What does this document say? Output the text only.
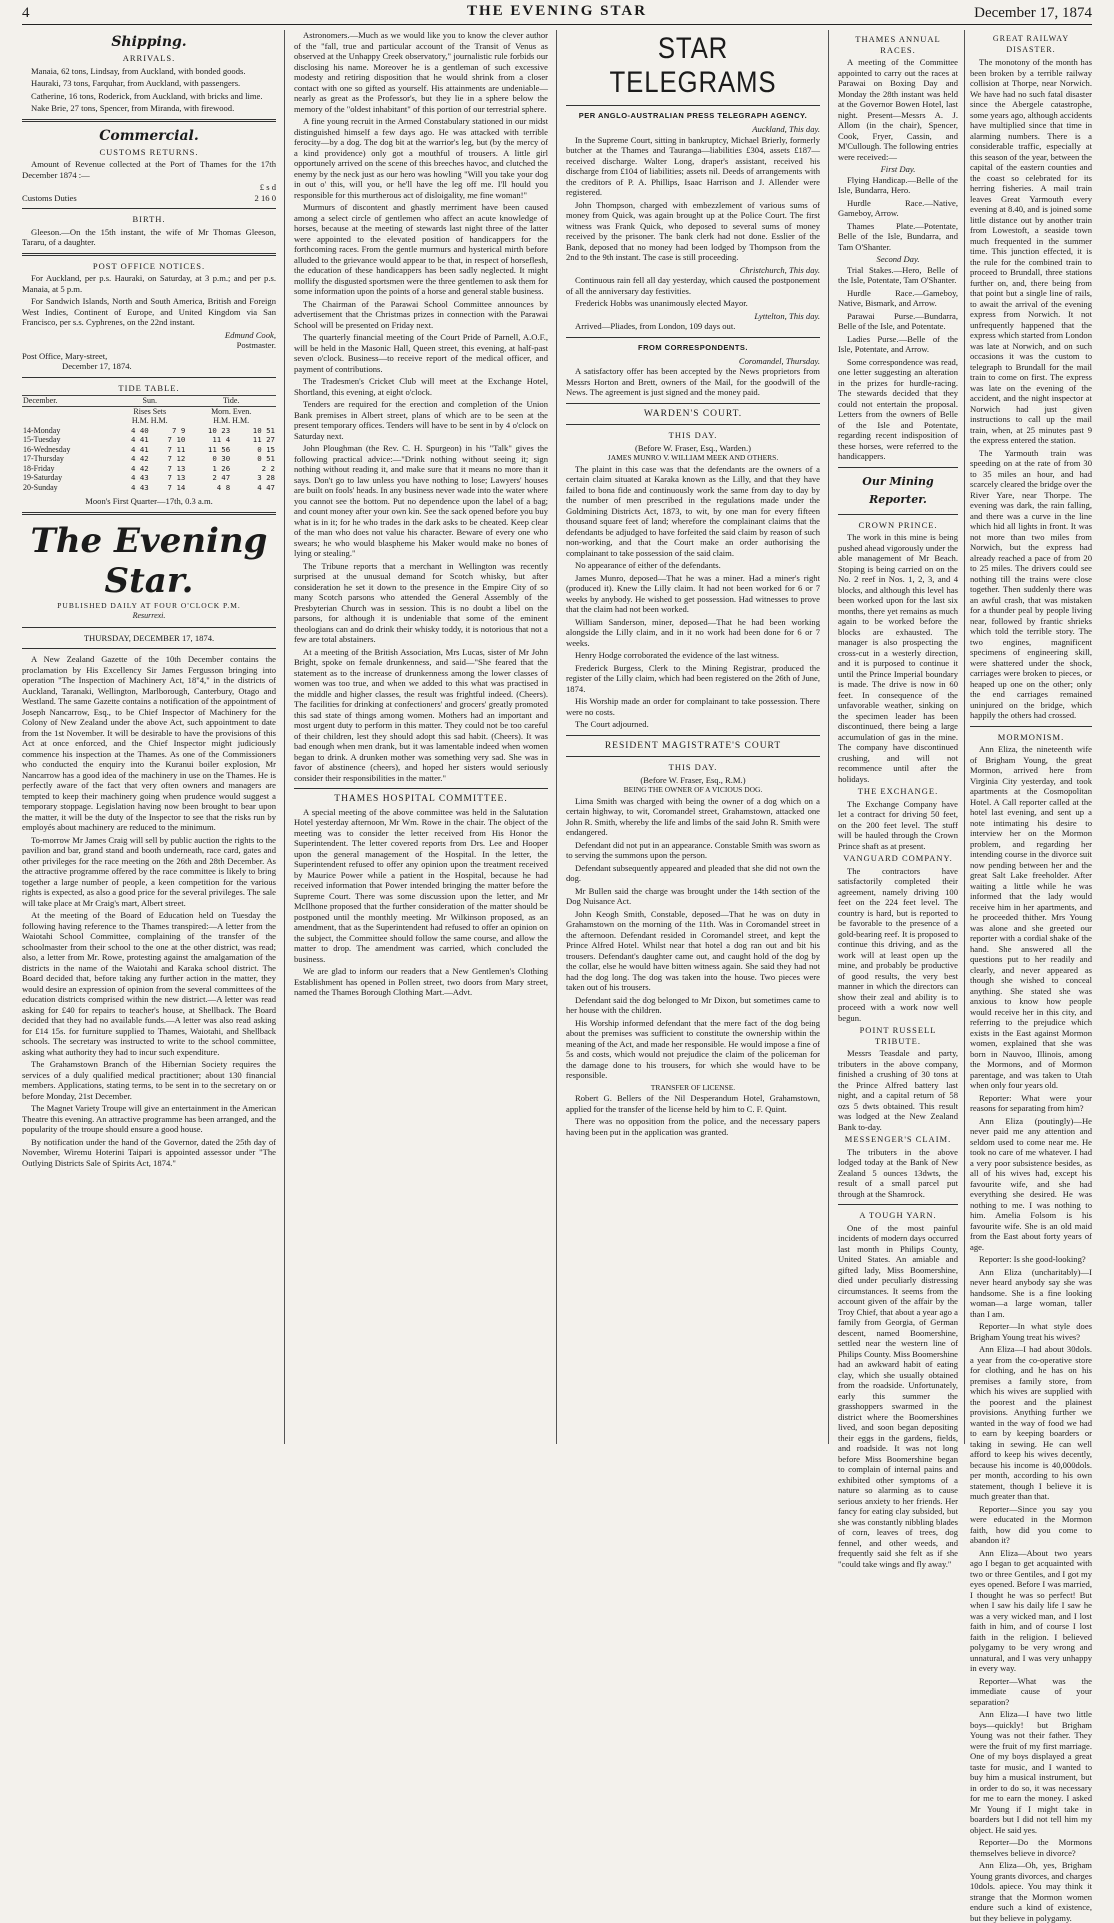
4	THE EVENING STAR	December 17, 1874
Shipping.
ARRIVALS.

Manaia, 62 tons, Lindsay, from Auckland, with bonded goods.

Hauraki, 73 tons, Farquhar, from Auckland, with passengers.

Catherine, 16 tons, Roderick, from Auckland, with bricks and lime.

Nake Brie, 27 tons, Spencer, from Miranda, with firewood.

Commercial.
CUSTOMS RETURNS.

Amount of Revenue collected at the Port of Thames for the 17th December 1874 :—

£ s d
Customs Duties	2 16 0
BIRTH.

Gleeson.—On the 15th instant, the wife of Mr Thomas Gleeson, Tararu, of a daughter.

POST OFFICE NOTICES.

For Auckland, per p.s. Hauraki, on Saturday, at 3 p.m.; and per p.s. Manaia, at 5 p.m.

For Sandwich Islands, North and South America, British and Foreign West Indies, Continent of Europe, and United Kingdom via San Francisco, per s.s. Cyphrenes, on the 22nd instant.

Edmund Cook,
Postmaster.
Post Office, Mary-street,
December 17, 1874.
TIDE TABLE.
December.	Sun.		Tide.	
	Rises Sets		Morn. Even.	
	H.M. H.M.		H.M. H.M.	
14-Monday	4 40	7 9	10 23	10 51
15-Tuesday	4 41	7 10	11 4	11 27
16-Wednesday	4 41	7 11	11 56	0 15
17-Thursday	4 42	7 12	0 30	0 51
18-Friday	4 42	7 13	1 26	2 2
19-Saturday	4 43	7 13	2 47	3 28
20-Sunday	4 43	7 14	4 8	4 47
Moon's First Quarter—17th, 0.3 a.m.
The Evening Star.
PUBLISHED DAILY AT FOUR O'CLOCK P.M.
Resurrexi.
THURSDAY, DECEMBER 17, 1874.

A New Zealand Gazette of the 10th December contains the proclamation by His Excellency Sir James Fergusson bringing into operation "The Inspection of Machinery Act, 18"4," in the districts of Auckland, Taranaki, Wellington, Marlborough, Canterbury, Otago and Westland. The same Gazette contains a notification of the appointment of Joseph Nancarrow, Esq., to be Chief Inspector of Machinery for the Colony of New Zealand under the above Act, such appointment to date from the 1st November. It will be desirable to have the provisions of this Act at once enforced, and the Chief Inspector might judiciously commence his inspection at the Thames. As one of the Commissioners who conducted the enquiry into the Kuranui boiler explosion, Mr Nancarrow has a good idea of the machinery in use on the Thames. He is perfectly aware of the fact that very often owners and managers are tempted to keep their machinery going when prudence would suggest a temporary stoppage. Legislation having now been brought to bear upon the matter, it will be the duty of the Inspector to see that the risks run by employés about machinery are reduced to the minimum.

To-morrow Mr James Craig will sell by public auction the rights to the pavilion and bar, grand stand and booth underneath, race card, gates and other privileges for the race meeting on the 26th and 28th December. As the attractive programme offered by the race committee is likely to bring together a large number of people, a keen competition for the various rights is expected, as also a good price for the several privileges. The sale will take place at Mr Craig's mart, Albert street.

At the meeting of the Board of Education held on Tuesday the following having reference to the Thames transpired:—A letter from the Waiotahi School Committee, complaining of the transfer of the schoolmaster from their school to the one at the other district, was read; also, a letter from Mr. Rowe, protesting against the amalgamation of the districts in the name of the Waiotahi and Karaka school district. The Board decided that, before taking any further action in the matter, they would desire an expression of opinion from the several committees of the education districts comprised within the new district.—A letter was read asking for £40 for repairs to teacher's house, at Shellback. The Board decided that they had no available funds.—A letter was also read asking for £14 15s. for furniture supplied to Thames, Waiotahi, and Shellback schools. The secretary was instructed to write to the school committee, asking what authority they had to incur such expenditure.

The Grahamstown Branch of the Hibernian Society requires the services of a duly qualified medical practitioner; about 130 financial members. Applications, stating terms, to be sent in to the secretary on or before Monday, 21st December.

The Magnet Variety Troupe will give an entertainment in the American Theatre this evening. An attractive programme has been arranged, and the popularity of the troupe should ensure a good house.

By notification under the hand of the Governor, dated the 25th day of November, Wiremu Hoterini Taipari is appointed assessor under "The Outlying Districts Sale of Spirits Act, 1874."

Astronomers.—Much as we would like you to know the clever author of the "fall, true and particular account of the Transit of Venus as observed at the Unhappy Creek observatory," journalistic rule forbids our disclosing his name. Moreover he is a gentleman of such excessive modesty and retiring disposition that he would shrink from a closer contact with one so gifted as yourself. His attainments are undeniable—nearly as great as the Professor's, but they lie in a sphere below the memory of the "oldest inhabitant" of this portion of our terrestrial sphere.

A fine young recruit in the Armed Constabulary stationed in our midst distinguished himself a few days ago. He was attacked with terrible ferocity—by a dog. The dog bit at the warrior's leg, but (by the mercy of a kind providence) only got a mouthful of trousers. A little girl opportunely arrived on the scene of this breeches havoc, and clutched the enemy by the neck just as our hero was howling "Will you take your dog in out o' this, will you, or he'll have the leg off me. I'll hould you responsible for this murtherous act of disloigality, me fine woman!"

Murmurs of discontent and ghastly merriment have been caused among a select circle of gentlemen who affect an acute knowledge of horses, because at the meeting of stewards last night three of the latter were appointed to the elevated position of handicappers for the forthcoming races. From the gentle murmurs and hysterical mirth before alluded to the grievance would appear to be that, in respect of horseflesh, the education of these handicappers has been sadly neglected. It might mollify the disgusted sportsmen were the three gentlemen to ask them for some information upon the points of a horse and general stable business.

The Chairman of the Parawai School Committee announces by advertisement that the Christmas prizes in connection with the Parawai School will be presented on Friday next.

The quarterly financial meeting of the Court Pride of Parnell, A.O.F., will be held in the Masonic Hall, Queen street, this evening, at half-past seven o'clock. Business—to receive report of the medical officer, and payment of contributions.

The Tradesmen's Cricket Club will meet at the Exchange Hotel, Shortland, this evening, at eight o'clock.

Tenders are required for the erection and completion of the Union Bank premises in Albert street, plans of which are to be seen at the present temporary offices. Tenders will have to be sent in by 4 o'clock on Saturday next.

John Ploughman (the Rev. C. H. Spurgeon) in his "Talk" gives the following practical advice:—"Drink nothing without seeing it; sign nothing without reading it, and make sure that it means no more than it says. Don't go to law unless you have nothing to lose; Lawyers' houses are built on fools' heads. In any business never wade into the water where you cannot see the bottom. Put no dependence upon the label of a bag; and count money after your own kin. See the sack opened before you buy what is in it; for he who trades in the dark asks to be cheated. Keep clear of the man who does not value his character. Beware of every one who swears; he who would blaspheme his Maker would make no bones of lying or stealing."

The Tribune reports that a merchant in Wellington was recently surprised at the unusual demand for Scotch whisky, but after consideration he set it down to the presence in the Empire City of so many Scotch parsons who attended the General Assembly of the Presbyterian Church was in session. This is no doubt a libel on the parsons, for although it is undeniable that some of the eminent theologians can and do drink their whisky toddy, it is notorious that not a few are total abstainers.

At a meeting of the British Association, Mrs Lucas, sister of Mr John Bright, spoke on female drunkenness, and said—"She feared that the statement as to the increase of drunkenness among the lower classes of women was too true, and when we added to this what was practised in the middle and higher classes, the result was frightful indeed. (Cheers). The facilities for drinking at confectioners' and grocers' greatly promoted this sad state of things among women. Mothers had an important and most urgent duty to perform in this matter. They could not be too careful of their children, lest they should adopt this sad habit. (Cheers). It was bad enough when men drank, but it was lamentable indeed when women began to drink. A drunken mother was something very sad. She was in favor of abstinence (cheers), and hoped her sisters would seriously consider their responsibilities in the matter."

THAMES HOSPITAL COMMITTEE.

A special meeting of the above committee was held in the Salutation Hotel yesterday afternoon, Mr Wm. Rowe in the chair. The object of the meeting was to consider the letter received from His Honor the Superintendent. The letter covered reports from Drs. Lee and Hooper upon the general management of the Hospital. In the letter, the Superintendent refused to offer any opinion upon the treatment received by Maurice Power while a patient in the Hospital, because he had received information that Power intended bringing the matter before the Supreme Court. There was some discussion upon the letter, and Mr McIlhone proposed that the further consideration of the matter should be postponed until the monthly meeting. Mr Wilkinson proposed, as an amendment, that as the Superintendent had refused to offer an opinion on the subject, the Committee should follow the same course, and allow the matter to drop. The amendment was carried, which concluded the business.

We are glad to inform our readers that a New Gentlemen's Clothing Establishment has opened in Pollen street, two doors from Mary street, named the Thames Borough Clothing Mart.—Advt.

STAR TELEGRAMS
PER ANGLO-AUSTRALIAN PRESS TELEGRAPH AGENCY.
Auckland, This day.

In the Supreme Court, sitting in bankruptcy, Michael Brierly, formerly butcher at the Thames and Tauranga—liabilities £304, assets £187—received discharge. Walter Long, draper's assistant, received his discharge from £104 of liabilities; assets nil. Deeds of arrangements with the creditors of P. A. Phillips, Isaac Harrison and J. Allender were registered.

John Thompson, charged with embezzlement of various sums of money from Quick, was again brought up at the Police Court. The first witness was Frank Quick, who deposed to several sums of money received by the prisoner. The bank clerk had not done. Esslier of the Bank, deposed that no money had been lodged by Thompson from the 2nd to the 9th instant. The case is still proceeding.

Christchurch, This day.

Continuous rain fell all day yesterday, which caused the postponement of all the anniversary day festivities.

Frederick Hobbs was unanimously elected Mayor.

Lyttelton, This day.

Arrived—Pliades, from London, 109 days out.

FROM CORRESPONDENTS.
Coromandel, Thursday.

A satisfactory offer has been accepted by the News proprietors from Messrs Horton and Brett, owners of the Mail, for the goodwill of the News. The agreement is just signed and the money paid.

WARDEN'S COURT.
THIS DAY.
(Before W. Fraser, Esq., Warden.)
JAMES MUNRO V. WILLIAM MEEK AND OTHERS.

The plaint in this case was that the defendants are the owners of a certain claim situated at Karaka known as the Lilly, and that they have failed to bona fide and continuously work the same from day to day by the number of men prescribed in the regulations made under the Goldmining Districts Act, 1873, to wit, by one man for every fifteen thousand square feet of land; wherefore the complainant claims that the defendants be adjudged to have forfeited the said claim by reason of such non-working, and that the Court make an order authorising the complainant to take possession of the said claim.

No appearance of either of the defendants.

James Munro, deposed—That he was a miner. Had a miner's right (produced it). Knew the Lilly claim. It had not been worked for 6 or 7 weeks by anybody. He wished to get possession. Had witnesses to prove that the claim had not been worked.

William Sanderson, miner, deposed—That he had been working alongside the Lilly claim, and in it no work had been done for 6 or 7 weeks.

Henry Hodge corroborated the evidence of the last witness.

Frederick Burgess, Clerk to the Mining Registrar, produced the register of the Lilly claim, which had been registered on the 26th of June, 1874.

His Worship made an order for complainant to take possession. There were no costs.

The Court adjourned.

RESIDENT MAGISTRATE'S COURT
THIS DAY.
(Before W. Fraser, Esq., R.M.)
BEING THE OWNER OF A VICIOUS DOG.

Lima Smith was charged with being the owner of a dog which on a certain highway, to wit, Coromandel street, Grahamstown, attacked one John R. Smith, whereby the life and limbs of the said John R. Smith were endangered.

Defendant did not put in an appearance. Constable Smith was sworn as to serving the summons upon the person.

Defendant subsequently appeared and pleaded that she did not own the dog.

Mr Bullen said the charge was brought under the 14th section of the Dog Nuisance Act.

John Keogh Smith, Constable, deposed—That he was on duty in Grahamstown on the morning of the 11th. Was in Coromandel street in the afternoon. Defendant resided in Coromandel street, and kept the Prince Alfred Hotel. Whilst near that hotel a dog ran out and bit his trousers. Defendant's daughter came out, and caught hold of the dog by the collar, else he would have bitten witness again. She said they had not had the dog long. The dog was taken into the house. Two pieces were taken out of his trousers.

Defendant said the dog belonged to Mr Dixon, but sometimes came to her house with the children.

His Worship informed defendant that the mere fact of the dog being about the premises was sufficient to constitute the ownership within the meaning of the Act, and made her responsible. He would impose a fine of 5s and costs, which would not prejudice the claim of the policeman for the damage done to his trousers, for which she would have to be responsible.

TRANSFER OF LICENSE.

Robert G. Bellers of the Nil Desperandum Hotel, Grahamstown, applied for the transfer of the license held by him to C. F. Quint.

There was no opposition from the police, and the necessary papers having been put in the application was granted.

THAMES ANNUAL RACES.

A meeting of the Committee appointed to carry out the races at Parawai on Boxing Day and Monday the 28th instant was held at the Governor Bowen Hotel, last night. Present—Messrs A. J. Allom (in the chair), Spencer, Cook, Fryer, Cassin, and M'Cullough. The following entries were received:—

First Day.

Flying Handicap.—Belle of the Isle, Bundarra, Hero.

Hurdle Race.—Native, Gameboy, Arrow.

Thames Plate.—Potentate, Belle of the Isle, Bundarra, and Tam O'Shanter.

Second Day.

Trial Stakes.—Hero, Belle of the Isle, Potentate, Tam O'Shanter.

Hurdle Race.—Gameboy, Native, Bismark, and Arrow.

Parawai Purse.—Bundarra, Belle of the Isle, and Potentate.

Ladies Purse.—Belle of the Isle, Potentate, and Arrow.

Some correspondence was read, one letter suggesting an alteration in the prizes for hurdle-racing. The stewards decided that they could not entertain the proposal. Letters from the owners of Belle of the Isle and Potentate, regarding recent indisposition of these horses, were referred to the handicappers.

Our Mining Reporter.
CROWN PRINCE.

The work in this mine is being pushed ahead vigorously under the able management of Mr Beach. Stoping is being carried on on the No. 2 reef in Nos. 1, 2, 3, and 4 blocks, and although this level has been worked upon for the last six months, there yet remains as much again to be worked before the blocks are exhausted. The manager is also prospecting the cross-cut in a westerly direction, and it is purposed to continue it until the Prince Imperial boundary is made. The drive is now in 60 feet. In consequence of the unfavorable weather, sinking on the specimen leader has been discontinued, there being a large accumulation of gas in the mine. The company have discontinued crushing, and will not recommence until after the holidays.

THE EXCHANGE.

The Exchange Company have let a contract for driving 50 feet, on the 200 feet level. The stuff will be hauled through the Crown Prince shaft as at present.

VANGUARD COMPANY.

The contractors have satisfactorily completed their agreement, namely driving 100 feet on the 224 feet level. The country is hard, but is reported to be favorable to the presence of a gold-bearing reef. It is proposed to continue this driving, and as the work will at least open up the mine, and probably be productive of good results, the very best manner in which the directors can show their zeal and ability is to proceed with a work now well begun.

POINT RUSSELL TRIBUTE.

Messrs Teasdale and party, tributers in the above company, finished a crushing of 30 tons at the Prince Alfred battery last night, and a capital return of 58 ozs 5 dwts obtained. This result was lodged at the New Zealand Bank to-day.

MESSENGER'S CLAIM.

The tributers in the above lodged today at the Bank of New Zealand 5 ounces 13dwts, the result of a small parcel put through at the Shamrock.

A TOUGH YARN.

One of the most painful incidents of modern days occurred last month in Philips County, United States. An amiable and gifted lady, Miss Boomershine, died under peculiarly distressing circumstances. It seems from the account given of the affair by the Troy Chief, that about a year ago a family from Georgia, of German descent, named Boomershine, settled near the western line of Philips County. Miss Boomershine had an awkward habit of eating clay, which she usually obtained from the roadside. Unfortunately, early this summer the grasshoppers swarmed in the district where the Boomershines lived, and soon began depositing their eggs in the gardens, fields, and roadside. It was not long before Miss Boomershine began to complain of internal pains and exhibited other symptoms of a nature so alarming as to cause serious anxiety to her friends. Her fancy for eating clay subsided, but she was constantly nibbling blades of corn, leaves of trees, dog fennel, and other weeds, and frequently said she felt as if she "could take wings and fly away."

GREAT RAILWAY DISASTER.

The monotony of the month has been broken by a terrible railway collision at Thorpe, near Norwich. We have had no such fatal disaster since the Abergele catastrophe, some years ago, although accidents have multiplied since that time in alarming numbers. There is a considerable traffic, especially at this season of the year, between the capital of the eastern counties and the coast so celebrated for its herring fisheries. A mail train leaves Great Yarmouth every evening at 8.40, and is joined some little distance out by another train from Lowestoft, a seaside town much frequented in the summer time. This junction effected, it is the rule for the combined train to proceed to Brundall, three stations further on, and, there being from that point but a single line of rails, to await the arrival of the evening express from Norwich. It not unfrequently happened that the express which started from London was late at Norwich, and on such occasions it was the custom to telegraph to Brundall for the mail train to come on first. The express was late on the evening of the accident, and the night inspector at Norwich had just given instructions to call up the mail train, when, at 25 minutes past 9 the express entered the station.

The Yarmouth train was speeding on at the rate of from 30 to 35 miles an hour, and had scarcely cleared the bridge over the River Yare, near Thorpe. The evening was dark, the rain falling, and there was a curve in the line which hid all lights in front. It was not more than two miles from Norwich, but the express had already reached a pace of from 20 to 25 miles. The drivers could see nothing till the trains were close together. Then suddenly there was an awful crash, that was mistaken for a thunder peal by people living near, followed by frantic shrieks which told the terrible story. The two engines, magnificent specimens of engineering skill, were shattered under the shock, carriages were broken to pieces, or heaped up one on the other; only the end carriages remained uninjured on the bridge, which happily the others had crossed.

MORMONISM.

Ann Eliza, the nineteenth wife of Brigham Young, the great Mormon, arrived here from Virginia City yesterday, and took apartments at the Cosmopolitan Hotel. A Call reporter called at the hotel last evening, and sent up a note intimating his desire to interview her on the Mormon problem, and regarding her intending course in the divorce suit now pending between her and the great Salt Lake freeholder. After waiting a little while he was informed that the lady would receive him in her apartments, and he proceeded thither. Mrs Young was alone and she greeted our reporter with a cordial shake of the hand. She answered all the questions put to her readily and clearly, and never appeared as though she wished to conceal anything. She stated she was anxious to know how people would receive her in this city, and referring to the prejudice which exists in the East against Mormon women, explained that she was born in Nauvoo, Illinois, among the Mormons, and of Mormon parentage, and was taken to Utah when only four years old.

Reporter: What were your reasons for separating from him?

Ann Eliza (poutingly)—He never paid me any attention and seldom used to come near me. He took no care of me whatever. I had a very poor subsistence besides, as all of his wives had, except his favourite wife, and she had everything she desired. He was nothing to me. I was nothing to him. Amelia Folsom is his favourite wife. She is an old maid from the East about forty years of age.

Reporter: Is she good-looking?

Ann Eliza (uncharitably)—I never heard anybody say she was handsome. She is a fine looking woman—a large woman, taller than I am.

Reporter—In what style does Brigham Young treat his wives?

Ann Eliza—I had about 30dols. a year from the co-operative store for clothing, and he has on his premises a family store, from which his wives are supplied with the poorest and the plainest provisions. Anything further we wanted in the way of food we had to earn by keeping boarders or taking in sewing. He can well afford to keep his wives decently, because his income is 40,000dols. per month, according to his own statement, though I believe it is much greater than that.

Reporter—Since you say you were educated in the Mormon faith, how did you come to abandon it?

Ann Eliza—About two years ago I began to get acquainted with two or three Gentiles, and I got my eyes opened. Before I was married, I thought he was so perfect! But when I saw his daily life I saw he was a very wicked man, and I lost faith in him, and of course I lost faith in the religion. I believed polygamy to be very wrong and unnatural, and I was very unhappy in every way.

Reporter—What was the immediate cause of your separation?

Ann Eliza—I have two little boys—quickly! but Brigham Young was not their father. They were the fruit of my first marriage. One of my boys displayed a great taste for music, and I wanted to buy him a musical instrument, but in order to do so, it was necessary for me to earn the money. I asked Mr Young if I might take in boarders but I did not tell him my object. He said yes.

Reporter—Do the Mormons themselves believe in divorce?

Ann Eliza—Oh, yes, Brigham Young grants divorces, and charges 10dols. apiece. You may think it strange that the Mormon women endure such a kind of existence, but they believe in polygamy.
